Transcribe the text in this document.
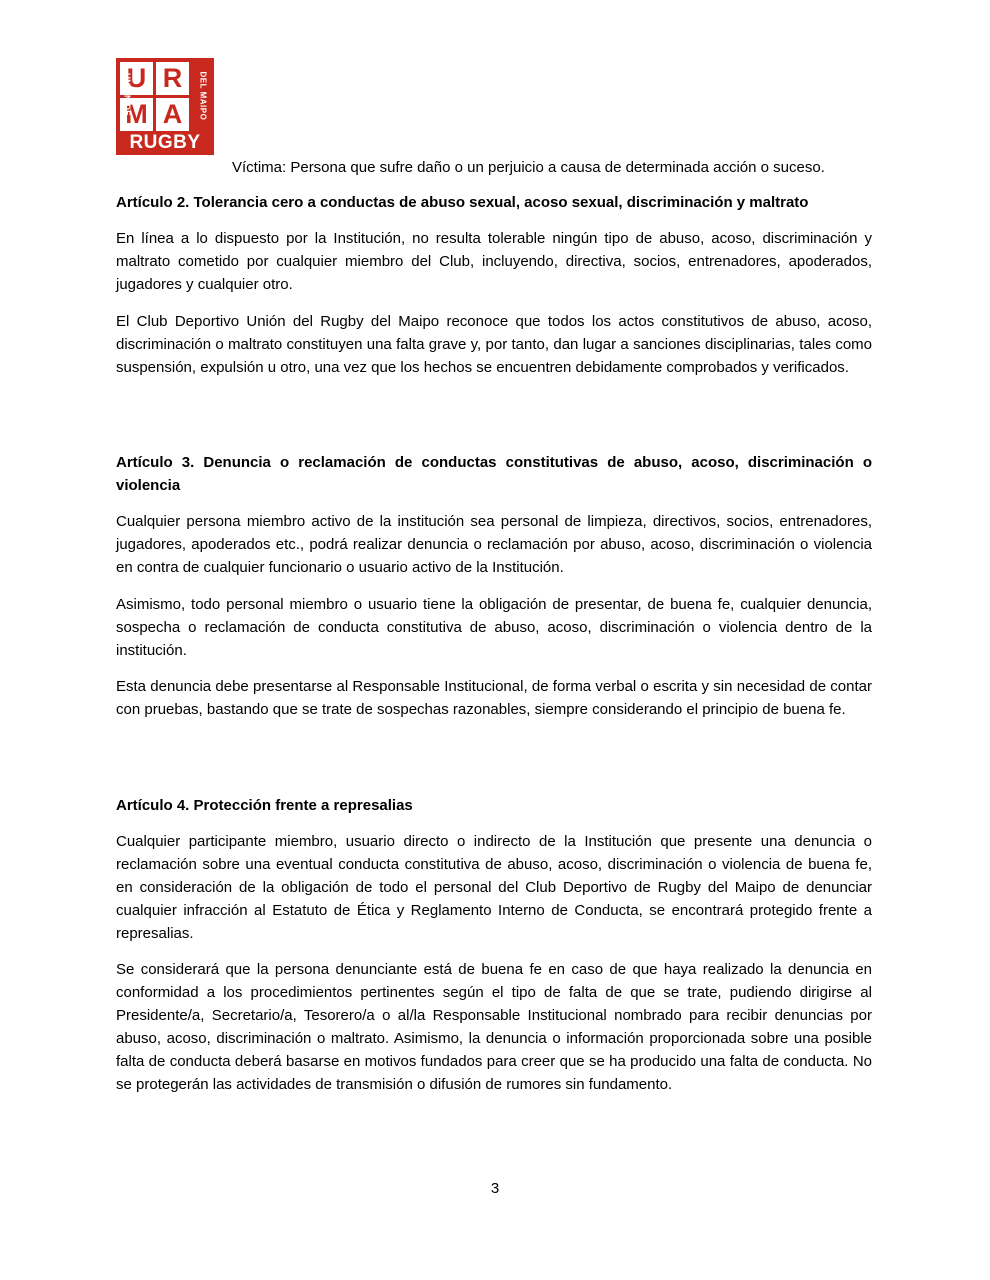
U R
M A
UNION DE	DEL MAIPO
RUGBY
Víctima: Persona que sufre daño o un perjuicio a causa de determinada acción o suceso.
Artículo 2. Tolerancia cero a conductas de abuso sexual, acoso sexual, discriminación y maltrato
En línea a lo dispuesto por la Institución, no resulta tolerable ningún tipo de abuso, acoso, discriminación y maltrato cometido por cualquier miembro del Club, incluyendo, directiva, socios, entrenadores, apoderados, jugadores y cualquier otro.
El Club Deportivo Unión del Rugby del Maipo reconoce que todos los actos constitutivos de abuso, acoso, discriminación o maltrato constituyen una falta grave y, por tanto, dan lugar a sanciones disciplinarias, tales como suspensión, expulsión u otro, una vez que los hechos se encuentren debidamente comprobados y verificados.
Artículo 3. Denuncia o reclamación de conductas constitutivas de abuso, acoso, discriminación o violencia
Cualquier persona miembro activo de la institución sea personal de limpieza, directivos, socios, entrenadores, jugadores, apoderados etc., podrá realizar denuncia o reclamación por abuso, acoso, discriminación o violencia en contra de cualquier funcionario o usuario activo de la Institución.
Asimismo, todo personal miembro o usuario tiene la obligación de presentar, de buena fe, cualquier denuncia, sospecha o reclamación de conducta constitutiva de abuso, acoso, discriminación o violencia dentro de la institución.
Esta denuncia debe presentarse al Responsable Institucional, de forma verbal o escrita y sin necesidad de contar con pruebas, bastando que se trate de sospechas razonables, siempre considerando el principio de buena fe.
Artículo 4. Protección frente a represalias
Cualquier participante miembro, usuario directo o indirecto de la Institución que presente una denuncia o reclamación sobre una eventual conducta constitutiva de abuso, acoso, discriminación o violencia de buena fe, en consideración de la obligación de todo el personal del Club Deportivo de Rugby del Maipo de denunciar cualquier infracción al Estatuto de Ética y Reglamento Interno de Conducta, se encontrará protegido frente a represalias.
Se considerará que la persona denunciante está de buena fe en caso de que haya realizado la denuncia en conformidad a los procedimientos pertinentes según el tipo de falta de que se trate, pudiendo dirigirse al Presidente/a, Secretario/a, Tesorero/a o al/la Responsable Institucional nombrado para recibir denuncias por abuso, acoso, discriminación o maltrato. Asimismo, la denuncia o información proporcionada sobre una posible falta de conducta deberá basarse en motivos fundados para creer que se ha producido una falta de conducta. No se protegerán las actividades de transmisión o difusión de rumores sin fundamento.
3
